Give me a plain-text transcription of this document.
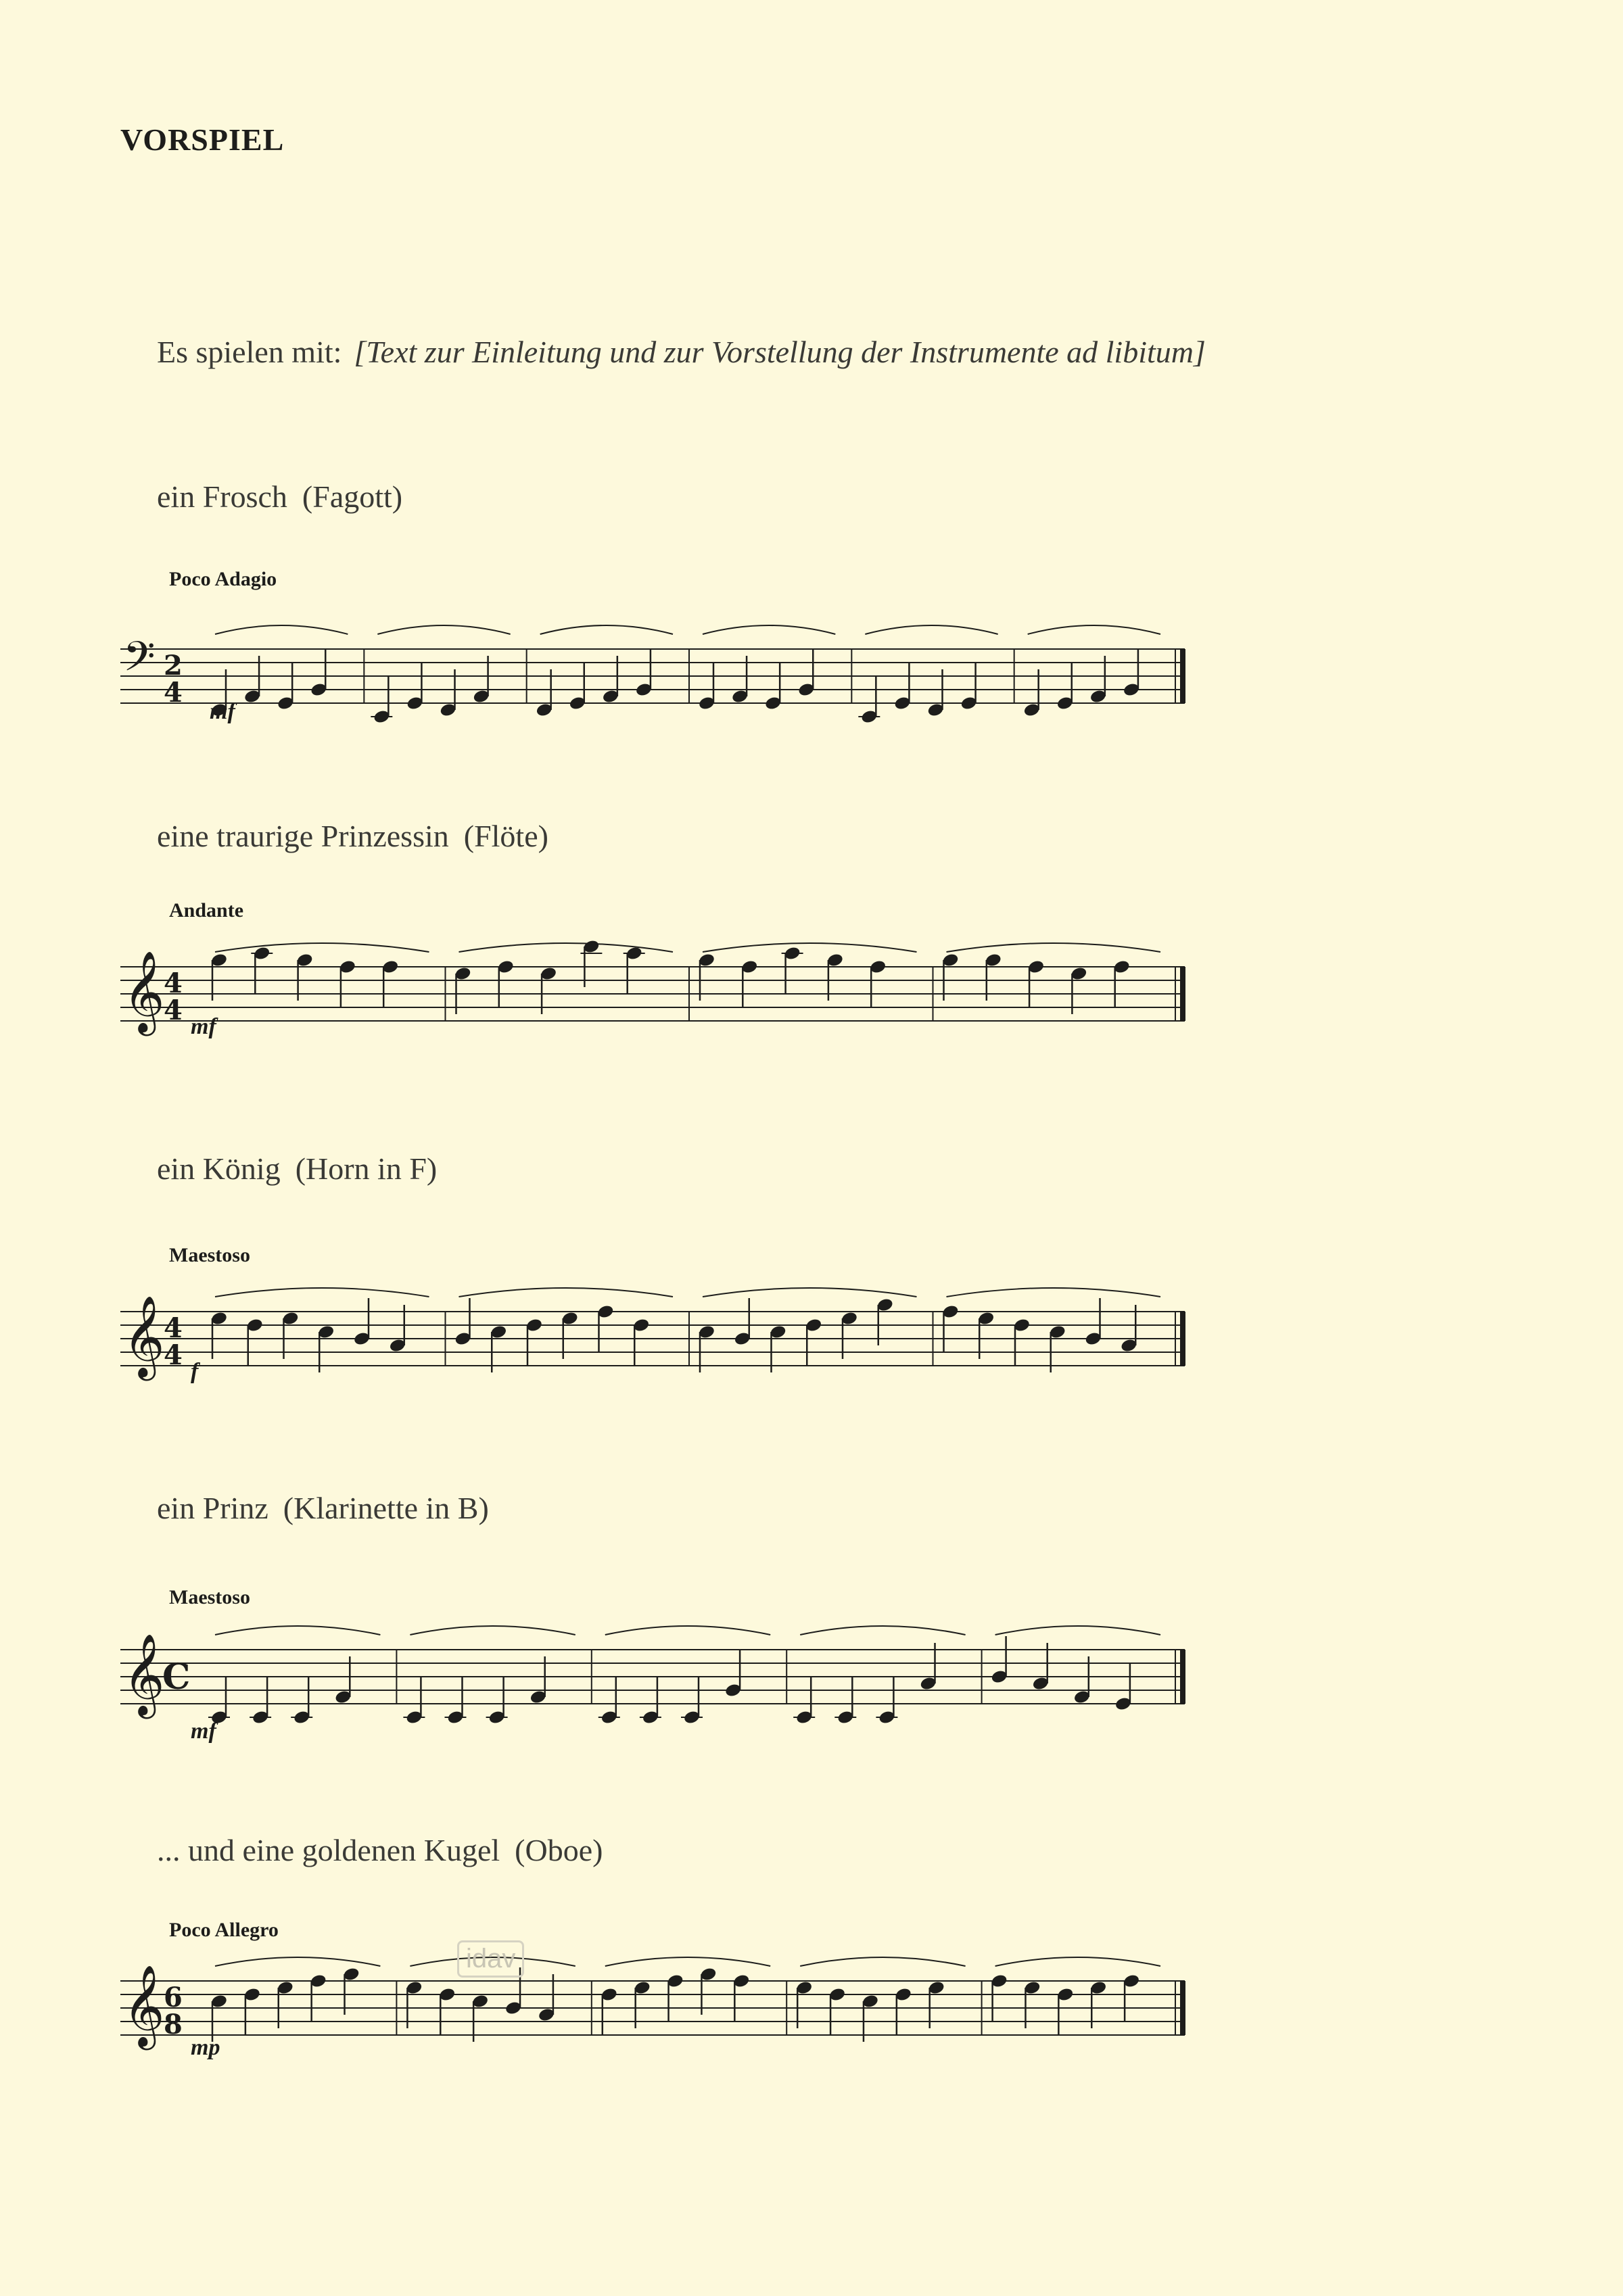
VORSPIEL
Es spielen mit: [Text zur Einleitung und zur Vorstellung der Instrumente ad libitum]
ein Frosch (Fagott)
Poco Adagio
𝄢 2
4
mf
eine traurige Prinzessin (Flöte)
Andante
𝄞
4
4
mf
ein König (Horn in F)
Maestoso
𝄞
4
4
f
ein Prinz (Klarinette in B)
Maestoso
𝄞
C
mf
... und eine goldenen Kugel (Oboe)
Poco Allegro
𝄞
6
8
mp
idav
